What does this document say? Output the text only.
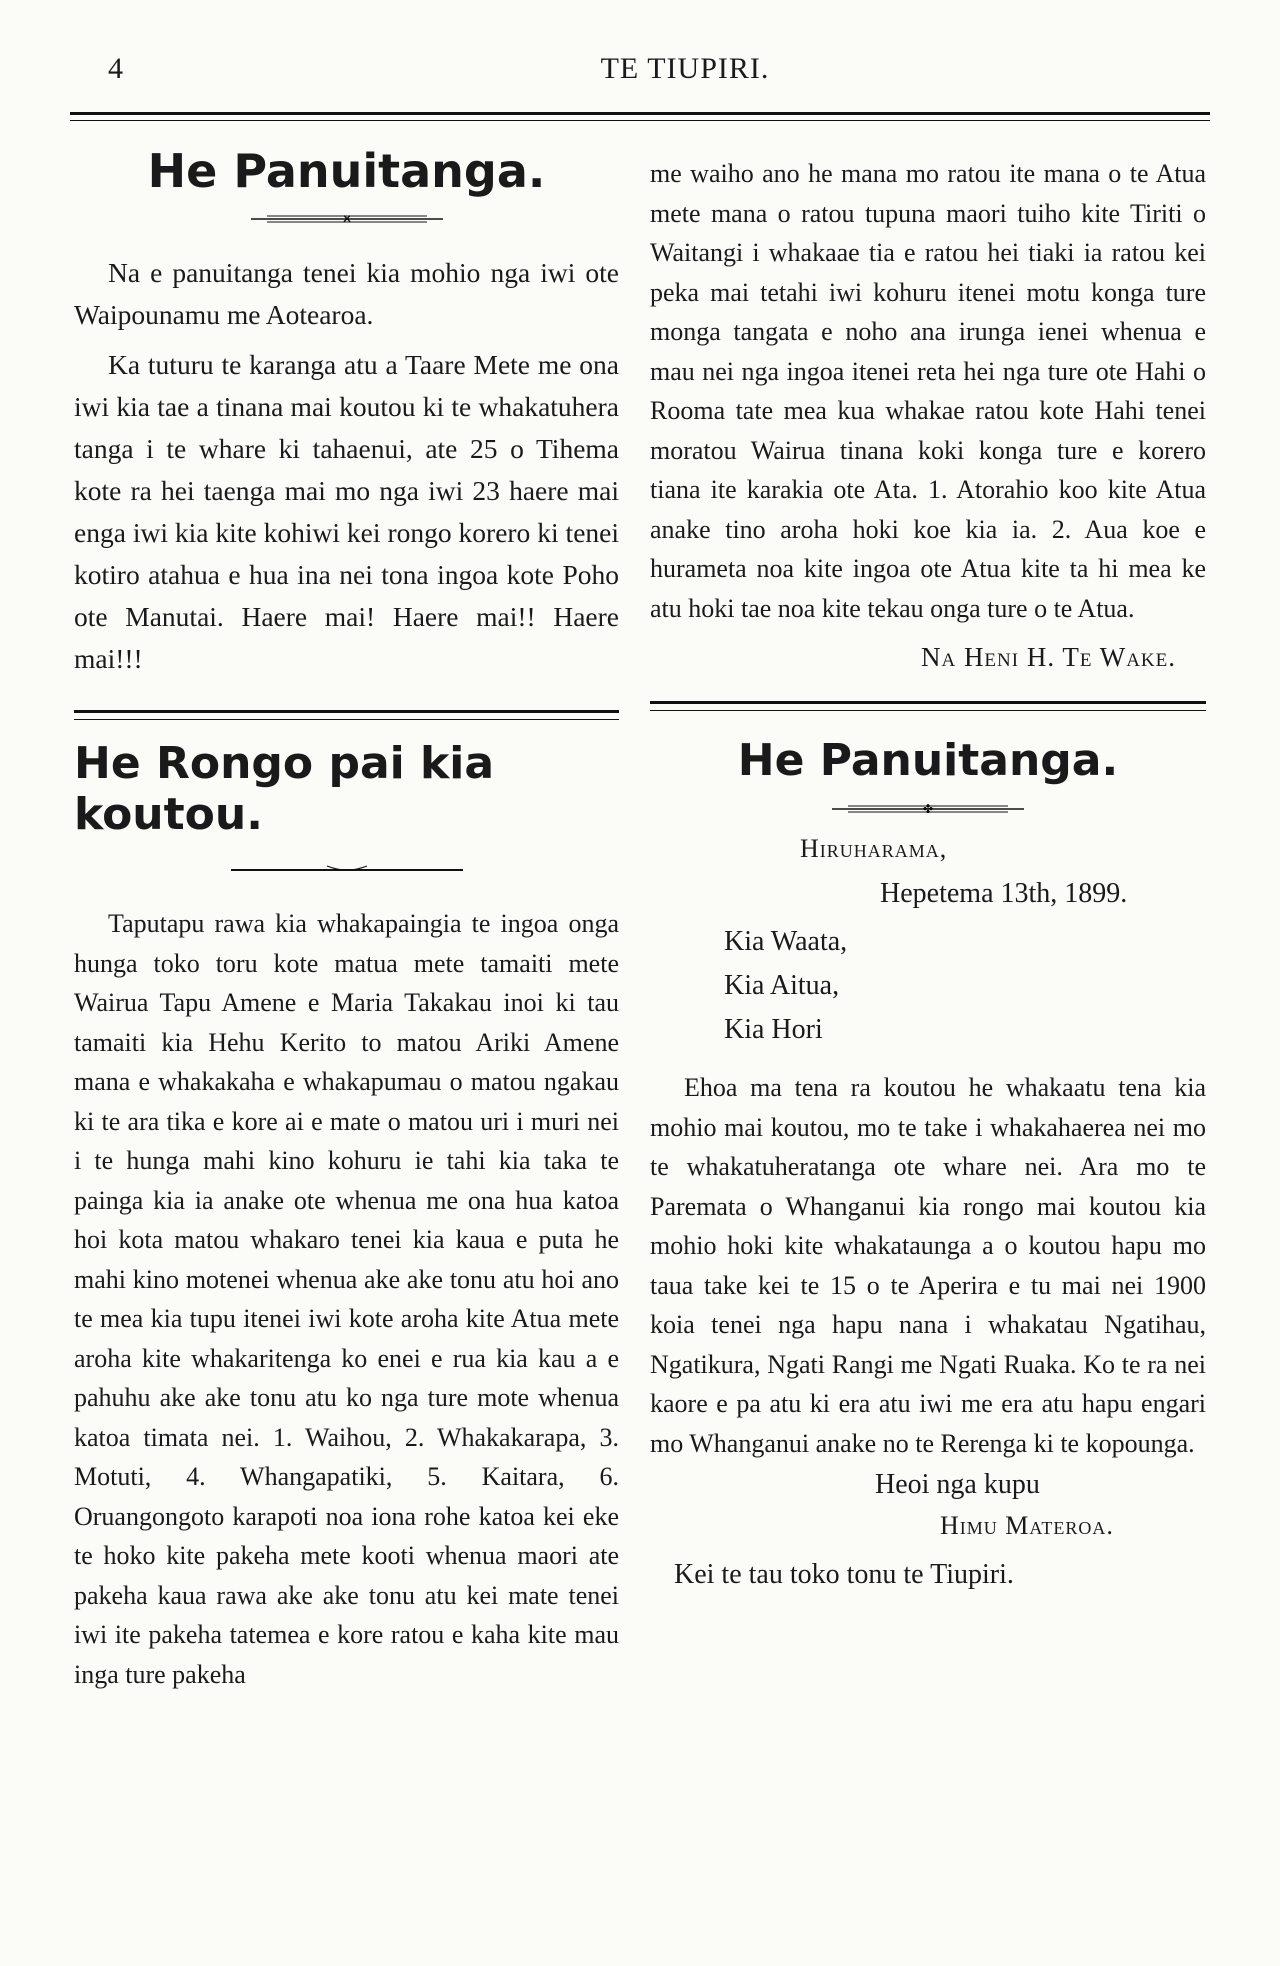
4	TE TIUPIRI.
He Panuitanga.
✕

Na e panuitanga tenei kia mohio nga iwi ote Waipounamu me Aotearoa.

Ka tuturu te karanga atu a Taare Mete me ona iwi kia tae a tinana mai koutou ki te whakatuhera tanga i te whare ki tahaenui, ate 25 o Tihema kote ra hei taenga mai mo nga iwi 23 haere mai enga iwi kia kite kohiwi kei rongo korero ki tenei kotiro atahua e hua ina nei tona ingoa kote Poho ote Manutai. Haere mai! Haere mai!! Haere mai!!!

He Rongo pai kia koutou.

Taputapu rawa kia whakapaingia te ingoa onga hunga toko toru kote matua mete tamaiti mete Wairua Tapu Amene e Maria Takakau inoi ki tau tamaiti kia Hehu Kerito to matou Ariki Amene mana e whakakaha e whakapumau o matou ngakau ki te ara tika e kore ai e mate o matou uri i muri nei i te hunga mahi kino kohuru ie tahi kia taka te painga kia ia anake ote whenua me ona hua katoa hoi kota matou whakaro tenei kia kaua e puta he mahi kino motenei whenua ake ake tonu atu hoi ano te mea kia tupu itenei iwi kote aroha kite Atua mete aroha kite whakaritenga ko enei e rua kia kau a e pahuhu ake ake tonu atu ko nga ture mote whenua katoa timata nei. 1. Waihou, 2. Whakakarapa, 3. Motuti, 4. Whangapatiki, 5. Kaitara, 6. Oruangongoto karapoti noa iona rohe katoa kei eke te hoko kite pakeha mete kooti whenua maori ate pakeha kaua rawa ake ake tonu atu kei mate tenei iwi ite pakeha tatemea e kore ratou e kaha kite mau inga ture pakeha

me waiho ano he mana mo ratou ite mana o te Atua mete mana o ratou tupuna maori tuiho kite Tiriti o Waitangi i whakaae tia e ratou hei tiaki ia ratou kei peka mai tetahi iwi kohuru itenei motu konga ture monga tangata e noho ana irunga ienei whenua e mau nei nga ingoa itenei reta hei nga ture ote Hahi o Rooma tate mea kua whakae ratou kote Hahi tenei moratou Wairua tinana koki konga ture e korero tiana ite karakia ote Ata. 1. Atorahio koo kite Atua anake tino aroha hoki koe kia ia. 2. Aua koe e hurameta noa kite ingoa ote Atua kite ta hi mea ke atu hoki tae noa kite tekau onga ture o te Atua.

Na Heni H. Te Wake.
He Panuitanga.
✤
Hiruharama,
Hepetema 13th, 1899.
Kia Waata,
Kia Aitua,
Kia Hori

Ehoa ma tena ra koutou he whakaatu tena kia mohio mai koutou, mo te take i whakahaerea nei mo te whakatuheratanga ote whare nei. Ara mo te Paremata o Whanganui kia rongo mai koutou kia mohio hoki kite whakataunga a o koutou hapu mo taua take kei te 15 o te Aperira e tu mai nei 1900 koia tenei nga hapu nana i whakatau Ngatihau, Ngatikura, Ngati Rangi me Ngati Ruaka. Ko te ra nei kaore e pa atu ki era atu iwi me era atu hapu engari mo Whanganui anake no te Rerenga ki te kopounga.

Heoi nga kupu
Himu Materoa.
Kei te tau toko tonu te Tiupiri.
